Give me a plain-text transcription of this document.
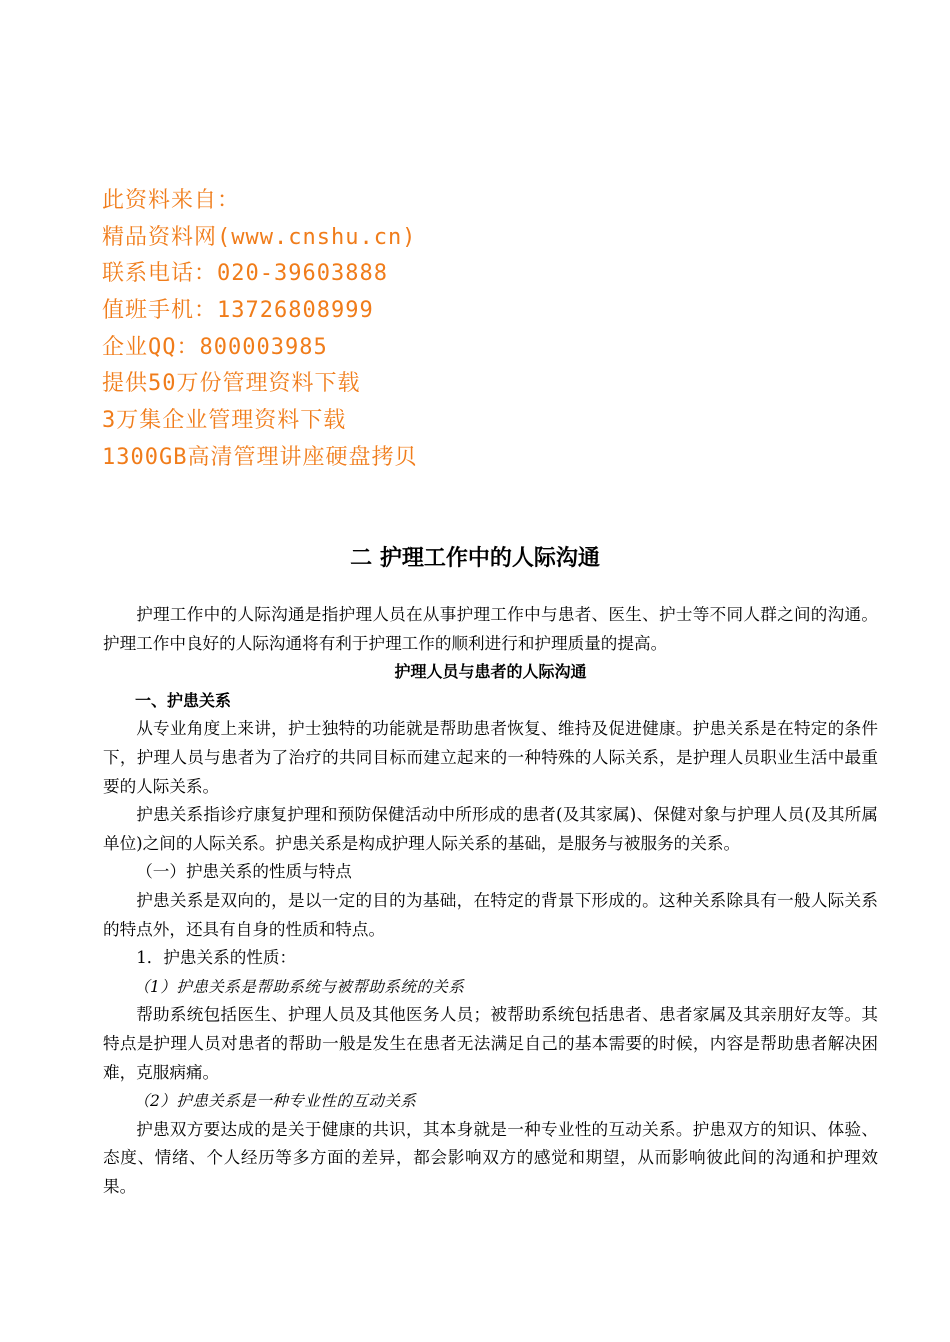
此资料来自：
精品资料网(www.cnshu.cn)
联系电话：020-39603888
值班手机：13726808999
企业QQ：800003985
提供50万份管理资料下载
3万集企业管理资料下载
1300GB高清管理讲座硬盘拷贝
二 护理工作中的人际沟通

护理工作中的人际沟通是指护理人员在从事护理工作中与患者、医生、护士等不同人群之间的沟通。护理工作中良好的人际沟通将有利于护理工作的顺利进行和护理质量的提高。

护理人员与患者的人际沟通

一、护患关系

从专业角度上来讲，护士独特的功能就是帮助患者恢复、维持及促进健康。护患关系是在特定的条件下，护理人员与患者为了治疗的共同目标而建立起来的一种特殊的人际关系，是护理人员职业生活中最重要的人际关系。

护患关系指诊疗康复护理和预防保健活动中所形成的患者(及其家属)、保健对象与护理人员(及其所属单位)之间的人际关系。护患关系是构成护理人际关系的基础，是服务与被服务的关系。

（一）护患关系的性质与特点

护患关系是双向的，是以一定的目的为基础，在特定的背景下形成的。这种关系除具有一般人际关系的特点外，还具有自身的性质和特点。

1．护患关系的性质：

（1）护患关系是帮助系统与被帮助系统的关系

帮助系统包括医生、护理人员及其他医务人员；被帮助系统包括患者、患者家属及其亲朋好友等。其特点是护理人员对患者的帮助一般是发生在患者无法满足自己的基本需要的时候，内容是帮助患者解决困难，克服病痛。

（2）护患关系是一种专业性的互动关系

护患双方要达成的是关于健康的共识，其本身就是一种专业性的互动关系。护患双方的知识、体验、态度、情绪、个人经历等多方面的差异，都会影响双方的感觉和期望，从而影响彼此间的沟通和护理效果。
